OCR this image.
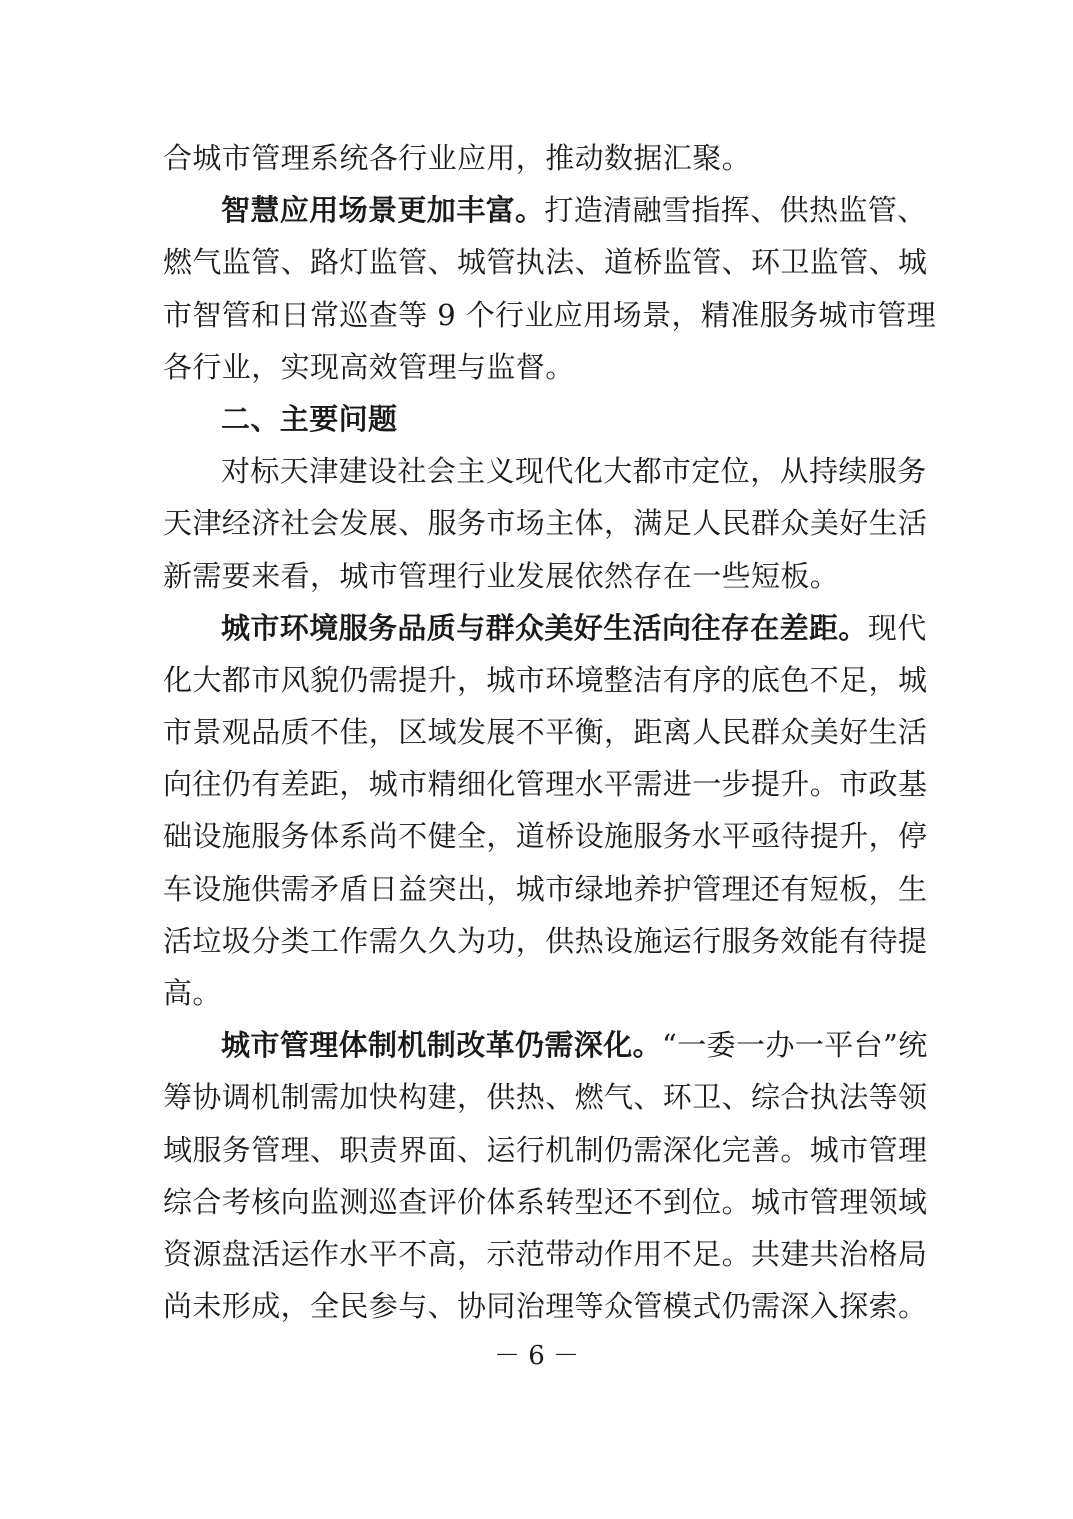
合城市管理系统各行业应用，推动数据汇聚。
智慧应用场景更加丰富。打造清融雪指挥、供热监管、
燃气监管、路灯监管、城管执法、道桥监管、环卫监管、城
市智管和日常巡查等 9 个行业应用场景，精准服务城市管理
各行业，实现高效管理与监督。
二、主要问题
对标天津建设社会主义现代化大都市定位，从持续服务
天津经济社会发展、服务市场主体，满足人民群众美好生活
新需要来看，城市管理行业发展依然存在一些短板。
城市环境服务品质与群众美好生活向往存在差距。现代
化大都市风貌仍需提升，城市环境整洁有序的底色不足，城
市景观品质不佳，区域发展不平衡，距离人民群众美好生活
向往仍有差距，城市精细化管理水平需进一步提升。市政基
础设施服务体系尚不健全，道桥设施服务水平亟待提升，停
车设施供需矛盾日益突出，城市绿地养护管理还有短板，生
活垃圾分类工作需久久为功，供热设施运行服务效能有待提
高。
城市管理体制机制改革仍需深化。“一委一办一平台”统
筹协调机制需加快构建，供热、燃气、环卫、综合执法等领
域服务管理、职责界面、运行机制仍需深化完善。城市管理
综合考核向监测巡查评价体系转型还不到位。城市管理领域
资源盘活运作水平不高，示范带动作用不足。共建共治格局
尚未形成，全民参与、协同治理等众管模式仍需深入探索。
－ 6 －
